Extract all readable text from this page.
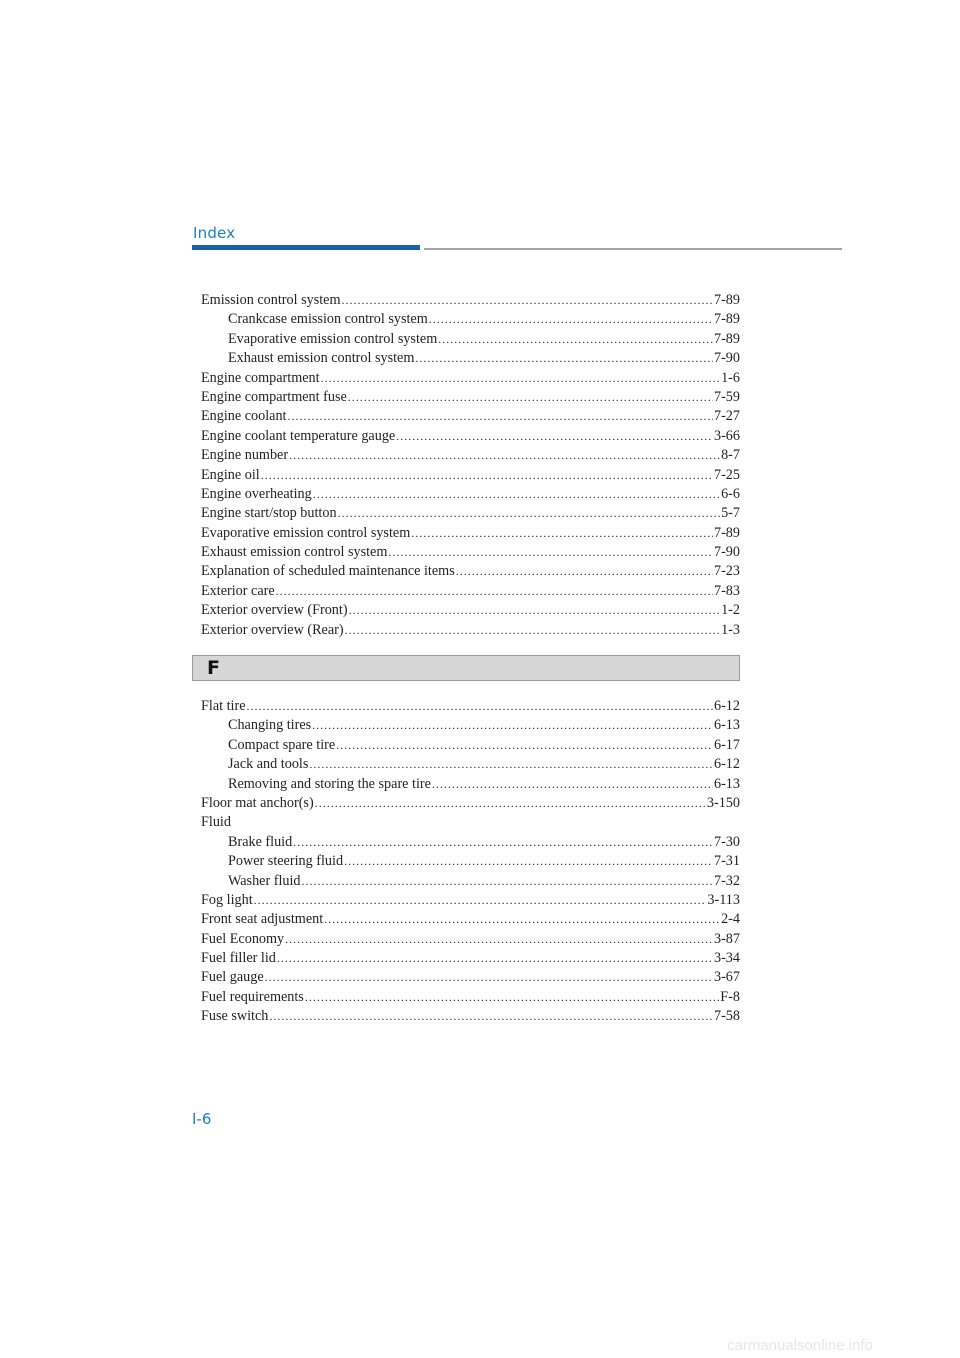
Index
Emission control system .....	7-89
Crankcase emission control system .....	7-89
Evaporative emission control system .....	7-89
Exhaust emission control system .....	7-90
Engine compartment .....	1-6
Engine compartment fuse .....	7-59
Engine coolant .....	7-27
Engine coolant temperature gauge .....	3-66
Engine number .....	8-7
Engine oil .....	7-25
Engine overheating .....	6-6
Engine start/stop button .....	5-7
Evaporative emission control system .....	7-89
Exhaust emission control system .....	7-90
Explanation of scheduled maintenance items .....	7-23
Exterior care .....	7-83
Exterior overview (Front) .....	1-2
Exterior overview (Rear) .....	1-3
F
Flat tire .....	6-12
Changing tires .....	6-13
Compact spare tire .....	6-17
Jack and tools .....	6-12
Removing and storing the spare tire .....	6-13
Floor mat anchor(s) .....	3-150
Fluid
Brake fluid .....	7-30
Power steering fluid .....	7-31
Washer fluid .....	7-32
Fog light .....	3-113
Front seat adjustment .....	2-4
Fuel Economy .....	3-87
Fuel filler lid .....	3-34
Fuel gauge .....	3-67
Fuel requirements .....	F-8
Fuse switch .....	7-58
I-6
carmanualsonline.info
